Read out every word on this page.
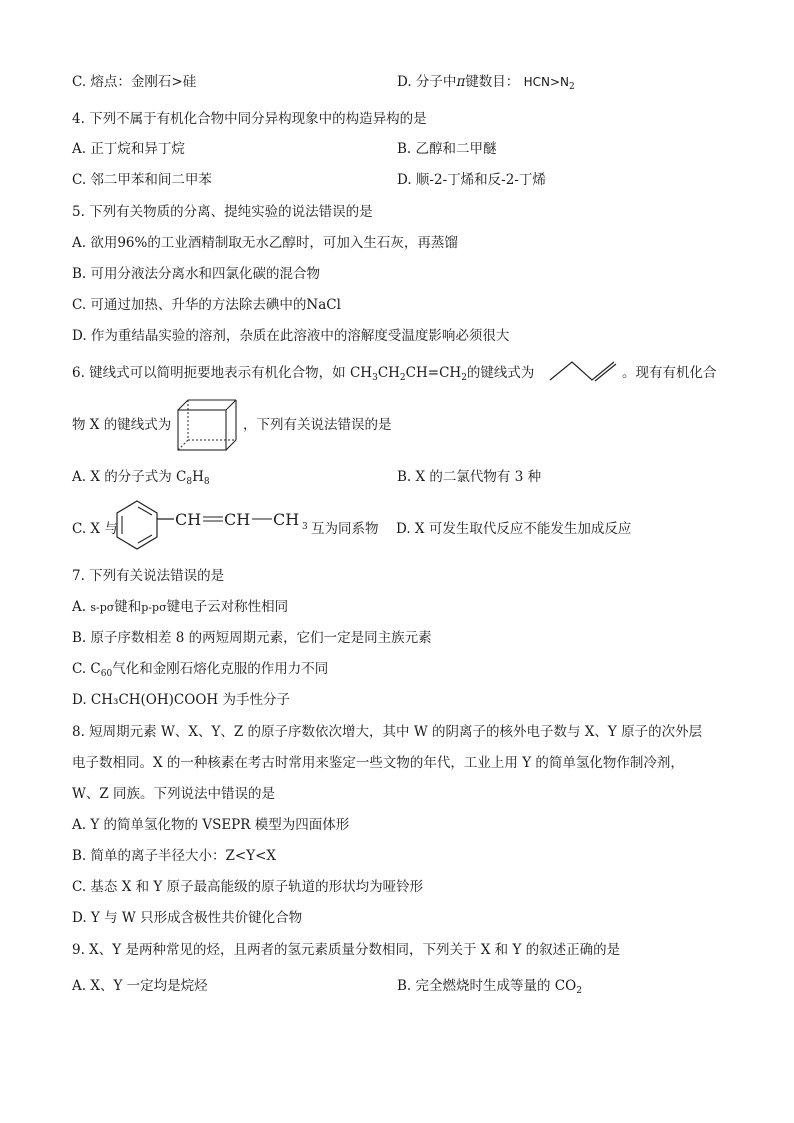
C. 熔点：金刚石>硅	D. 分子中π键数目： $HCN>N_2$
4. 下列不属于有机化合物中同分异构现象中的构造异构的是
A. 正丁烷和异丁烷	B. 乙醇和二甲醚
C. 邻二甲苯和间二甲苯	D. 顺-2-丁烯和反-2-丁烯
5. 下列有关物质的分离、提纯实验的说法错误的是
A. 欲用96%的工业酒精制取无水乙醇时，可加入生石灰，再蒸馏
B. 可用分液法分离水和四氯化碳的混合物
C. 可通过加热、升华的方法除去碘中的NaCl
D. 作为重结晶实验的溶剂，杂质在此溶液中的溶解度受温度影响必须很大
6. 键线式可以简明扼要地表示有机化合物，如 $CH_3CH_2CH=CH_2$的键线式为	。现有有机化合
物 X 的键线式为	，下列有关说法错误的是
A. X 的分子式为 $C_8H_8$	B. X 的二氯代物有 3 种
C. X 与	CH CH CH 3 互为同系物 D. X 可发生取代反应不能发生加成反应
7. 下列有关说法错误的是
A. s-pσ键和p-pσ键电子云对称性相同
B. 原子序数相差 8 的两短周期元素，它们一定是同主族元素
C. $C_{60}$气化和金刚石熔化克服的作用力不同
D. CH₃CH(OH)COOH 为手性分子
8. 短周期元素 W、X、Y、Z 的原子序数依次增大，其中 W 的阴离子的核外电子数与 X、Y 原子的次外层
电子数相同。X 的一种核素在考古时常用来鉴定一些文物的年代，工业上用 Y 的简单氢化物作制冷剂，
W、Z 同族。下列说法中错误的是
A. Y 的简单氢化物的 VSEPR 模型为四面体形
B. 简单的离子半径大小：Z<Y<X
C. 基态 X 和 Y 原子最高能级的原子轨道的形状均为哑铃形
D. Y 与 W 只形成含极性共价键化合物
9. X、Y 是两种常见的烃，且两者的氢元素质量分数相同，下列关于 X 和 Y 的叙述正确的是
A. X、Y 一定均是烷烃	B. 完全燃烧时生成等量的 $CO_2$
